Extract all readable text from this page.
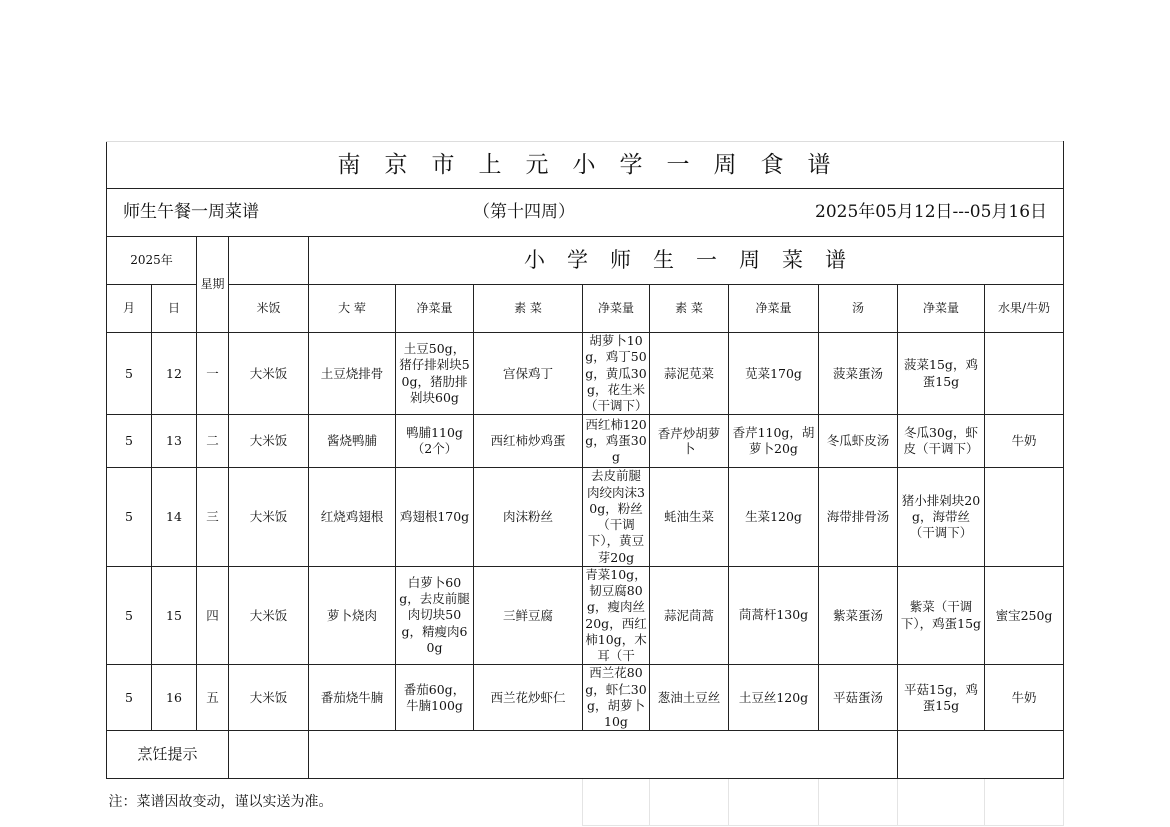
南京市上元小学一周食谱												

师生午餐一周菜谱 （第十四周） 2025年05月12日---05月16日												

2025年		星期		小学师生一周菜谱								
月	日		米饭	大 荤	净菜量	素 菜	净菜量	素 菜	净菜量	汤	净菜量	水果/牛奶
5	12	一	大米饭	土豆烧排骨	土豆50g，猪仔排剁块50g，猪肋排剁块60g	宫保鸡丁	胡萝卜10g，鸡丁50g，黄瓜30g，花生米（干调下）	蒜泥苋菜	苋菜170g	菠菜蛋汤	菠菜15g，鸡蛋15g	
5	13	二	大米饭	酱烧鸭脯	鸭脯110g（2个）	西红柿炒鸡蛋	西红柿120g，鸡蛋30g	香芹炒胡萝卜	香芹110g，胡萝卜20g	冬瓜虾皮汤	冬瓜30g，虾皮（干调下）	牛奶
5	14	三	大米饭	红烧鸡翅根	鸡翅根170g	肉沫粉丝	去皮前腿肉绞肉沫30g，粉丝（干调下），黄豆芽20g	蚝油生菜	生菜120g	海带排骨汤	猪小排剁块20g，海带丝（干调下）	
5	15	四	大米饭	萝卜烧肉	白萝卜60g，去皮前腿肉切块50g，精瘦肉60g	三鲜豆腐	青菜10g，韧豆腐80g，瘦肉丝20g，西红柿10g，木耳（干	蒜泥茼蒿	茼蒿杆130g	紫菜蛋汤	紫菜（干调下），鸡蛋15g	蜜宝250g
5	16	五	大米饭	番茄烧牛腩	番茄60g，牛腩100g	西兰花炒虾仁	西兰花80g，虾仁30g，胡萝卜10g	葱油土豆丝	土豆丝120g	平菇蛋汤	平菇15g，鸡蛋15g	牛奶
烹饪提示												
注：菜谱因故变动，谨以实送为准。												
